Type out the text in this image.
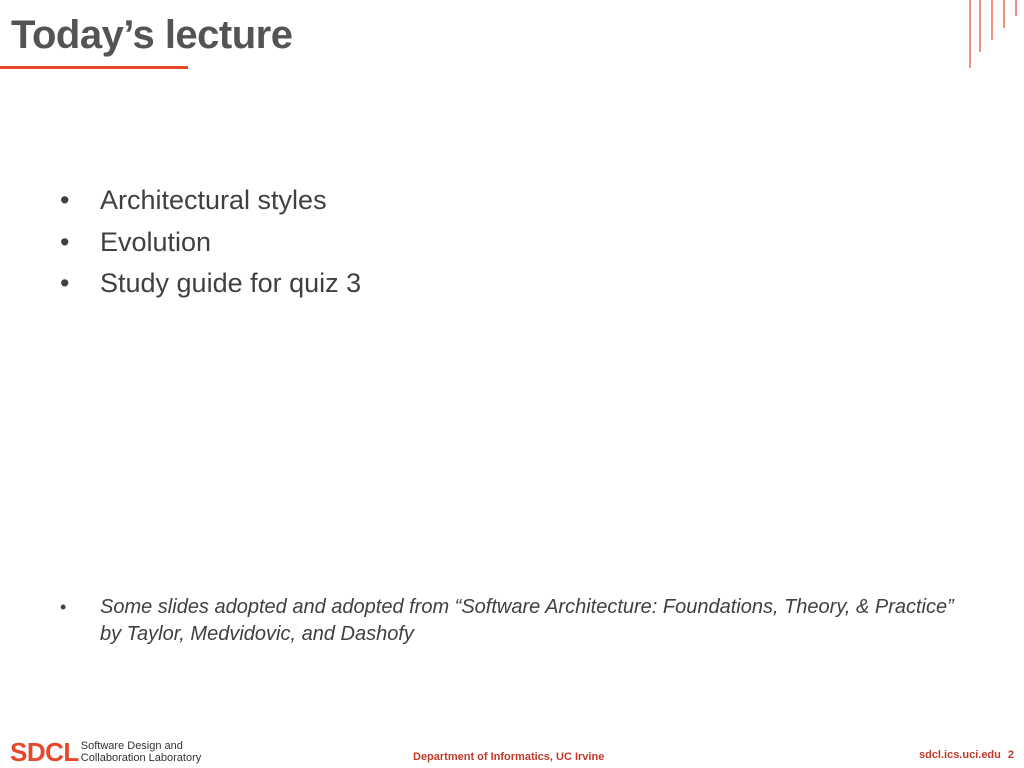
Today’s lecture
• Architectural styles
• Evolution
• Study guide for quiz 3
• Some slides adopted and adopted from “Software Architecture: Foundations, Theory, & Practice” by Taylor, Medvidovic, and Dashofy
SDCL Software Design and
Collaboration Laboratory	Department of Informatics, UC Irvine	sdcl.ics.uci.edu 2
